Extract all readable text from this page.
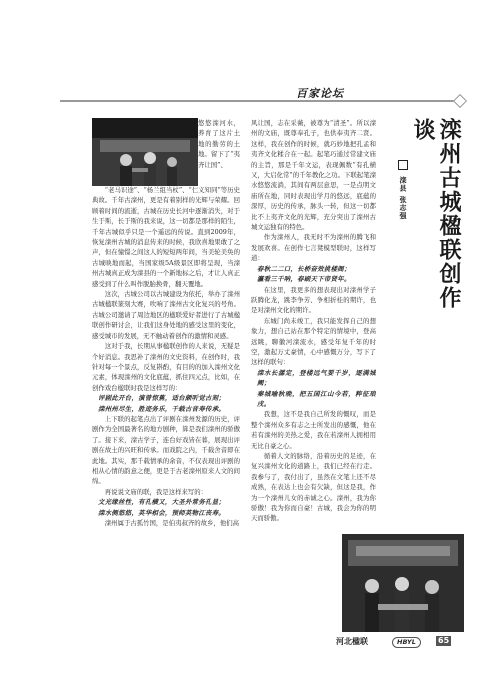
百家论坛

悠悠滦河水，养育了这片土地的勤劳的土地。留下了“夷齐让国”、

“老马识途”、“杨兰组当杖”、“仁义知同”等历史典故。千年古滦州，更是有着别样的光辉与荣耀。回顾着时间的流逝，古城在历史长河中逐渐消失，对于生于斯，长于斯的我来说，这一切都是那样的陌生，千年古城似乎只是一个遥远的传说。直到2009年，恢复滦州古城的消息传来的时候，我欣喜地果敢了之声，但在憧憬之间这人的短短两年间，当美轮美奂的古城映地而起，当国家级5A级景区即将呈现，当滦州古城真正成为滦县的一个新地标之后，才让人真正感受到了什么叫作脱胎换骨，翻天覆地。

这次，古城公司以古城建设为依托，举办了滦州古城楹联篆刻大赛，吹响了滦州古文化复兴的号角。古城公司邀请了周边地区的楹联爱好者进行了古城楹联创作研讨会，让我们这身处地的感受这里的变化，感受城市的发展，无不触动着创作的激情和灵感。

这对于我，长期从事楹联创作的人来说，无疑是个好消息。我思补了滦州的文史资料，在创作时，我针对每一个景点，反复斟酌，有目的的加入滦州文化元素，体现滦州的文化底蕴，抓住四元点，比如，在创作戏台楹联时我是这样写的：

评剧此开台，演曾惊蕉，适台颇听觉古刻；

滦州州尽生，胜迹务乐，千载古音寿传承。

上下联的起笔点出了评剧在滦州发源的历史，评剧作为全国最著名的地方剧种，算是我们滦州的骄傲了。接下来，滦古学子，连台好戏皆在暮，展现出评剧在故土的兴旺和传承。而戏院之内，千载舍音即在此地。其实，那千载情承的余音，不仅表现出评剧的相从心情的韵意之便，更是于古老滦州原来人文的间绵。

再说说文庙的联，我是这样来写的：

文光缘丝性，有孔横又，大圣外常务孔显；

滦水侧悠悠，英华相会，预师英物江丧寿。

滦州属于古孤竹国，是伯夷叔齐的故乡，他们高

风让国，志在采薇，被尊为“清圣”。所以滦州的文庙，既尊奉孔子，也供奉夷齐二贤。这样，我在创作的时候，就巧妙地把孔孟和夷齐文化糅合在一起。起笔巧通过常建文庙的主旨，那是千年文运，表现佩数“有孔横又，大启化常”的千年教化之功。下联起笔滦水悠悠流淌，其间有两层意思，一是点明文庙所在地，同时表现出学月的悠远，底蕴的深厚，历史的传承，脉头一转，但这一切都比不上夷齐文化的光辉，充分突出了滦州古城文运独有的特色。

作为滦州人，我无时不为滦州的腾飞和发展欢喜。在创作七言凳模型联时，这样写道：

春秋二二口，长桥奋效挑楼阁；

瀛看三千呐，春刷天下帝贤年。

在这里，我更多的想表现出对滦州学子跃腾化龙，跳李争芳、争相折桂的期许，也是对滦州文化的期许。

东城门尚未竣工，我只能发挥自己的想象力，想自己站在那个特定的情境中，登高远眺，聊徽河滦流水，感受年复千年的时空，激起万丈豪情，心中感慨万分，写下了这样的联句：

滦水长潺定，登楼远气要千岁，逐满城阙；

秦城喻秋晚，把五国江山今若，粹征琅戌。

我想，这不是我自己所发的慨叹，而是整个滦州众多有志之士所发出的感慨，他在若有滦州的美热之爱，我在若滦州人拥相用无比自豪之心。

循着人文的脉络，沿着历史的足迹，在复兴滦州文化的道路上，我们已经在行走。我参与了，我付出了，虽然在文笔上还不尽成熟，在表达上也会有欠缺，但这是我，作为一个滦州儿女的赤诚之心。滦州，我为你骄傲！我为你而自豪！古城，我会为你的明天而骄傲。

滦县 张志强	滦州古城楹联创作谈
河北楹联	HBYL	65
